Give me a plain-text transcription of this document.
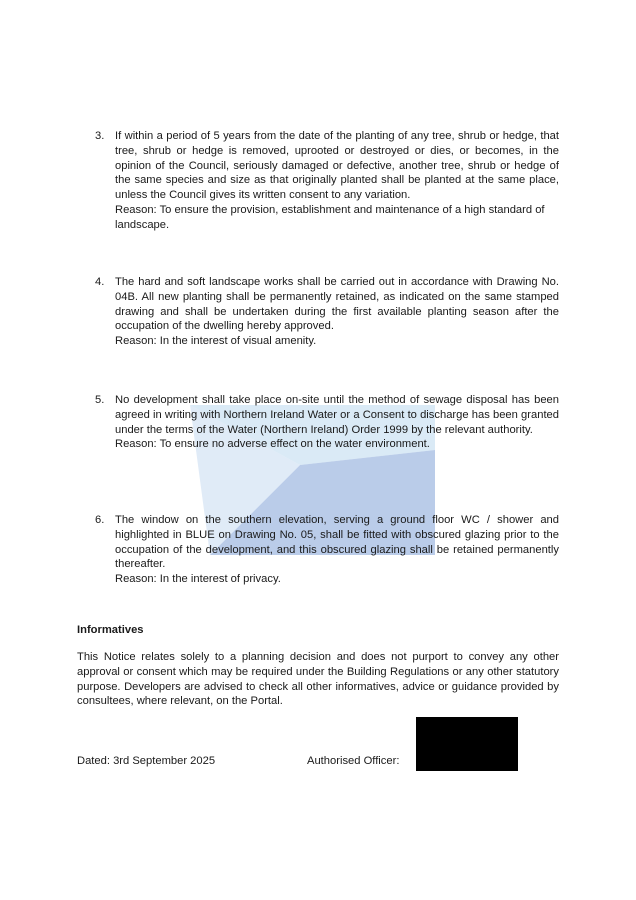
3. If within a period of 5 years from the date of the planting of any tree, shrub or hedge, that tree, shrub or hedge is removed, uprooted or destroyed or dies, or becomes, in the opinion of the Council, seriously damaged or defective, another tree, shrub or hedge of the same species and size as that originally planted shall be planted at the same place, unless the Council gives its written consent to any variation.

Reason: To ensure the provision, establishment and maintenance of a high standard of landscape.

4. The hard and soft landscape works shall be carried out in accordance with Drawing No. 04B. All new planting shall be permanently retained, as indicated on the same stamped drawing and shall be undertaken during the first available planting season after the occupation of the dwelling hereby approved.

Reason: In the interest of visual amenity.

5. No development shall take place on-site until the method of sewage disposal has been agreed in writing with Northern Ireland Water or a Consent to discharge has been granted under the terms of the Water (Northern Ireland) Order 1999 by the relevant authority.

Reason: To ensure no adverse effect on the water environment.

6. The window on the southern elevation, serving a ground floor WC / shower and highlighted in BLUE on Drawing No. 05, shall be fitted with obscured glazing prior to the occupation of the development, and this obscured glazing shall be retained permanently thereafter.

Reason: In the interest of privacy.

Informatives
This Notice relates solely to a planning decision and does not purport to convey any other approval or consent which may be required under the Building Regulations or any other statutory purpose. Developers are advised to check all other informatives, advice or guidance provided by consultees, where relevant, on the Portal.
Dated: 3rd September 2025	Authorised Officer:
